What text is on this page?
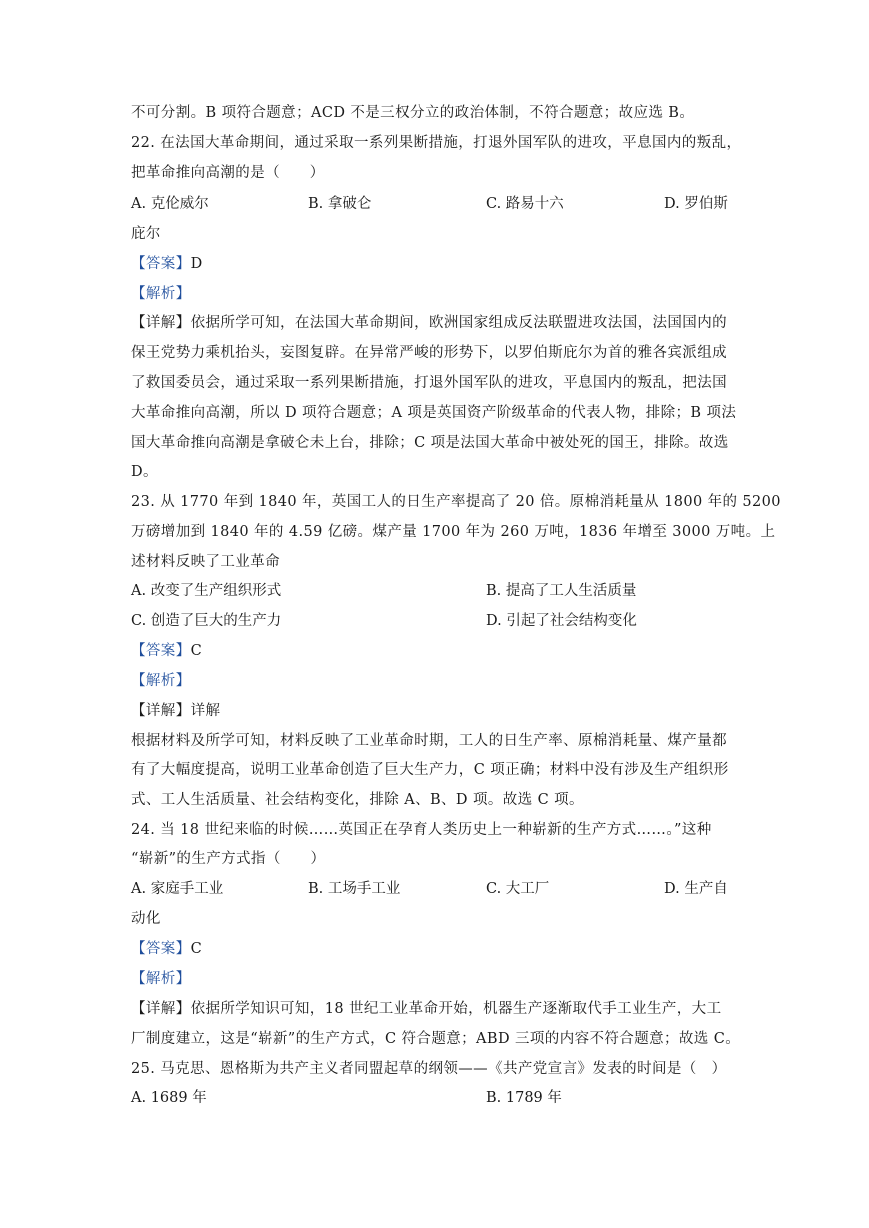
不可分割。B 项符合题意；ACD 不是三权分立的政治体制，不符合题意；故应选 B。
22. 在法国大革命期间，通过采取一系列果断措施，打退外国军队的进攻，平息国内的叛乱，
把革命推向高潮的是（　　）
A. 克伦威尔	B. 拿破仑	C. 路易十六	D. 罗伯斯
庇尔
【答案】D
【解析】
【详解】依据所学可知，在法国大革命期间，欧洲国家组成反法联盟进攻法国，法国国内的
保王党势力乘机抬头，妄图复辟。在异常严峻的形势下，以罗伯斯庇尔为首的雅各宾派组成
了救国委员会，通过采取一系列果断措施，打退外国军队的进攻，平息国内的叛乱，把法国
大革命推向高潮，所以 D 项符合题意；A 项是英国资产阶级革命的代表人物，排除；B 项法
国大革命推向高潮是拿破仑未上台，排除；C 项是法国大革命中被处死的国王，排除。故选
D。
23. 从 1770 年到 1840 年，英国工人的日生产率提高了 20 倍。原棉消耗量从 1800 年的 5200
万磅增加到 1840 年的 4.59 亿磅。煤产量 1700 年为 260 万吨，1836 年增至 3000 万吨。上
述材料反映了工业革命
A. 改变了生产组织形式	B. 提高了工人生活质量
C. 创造了巨大的生产力	D. 引起了社会结构变化
【答案】C
【解析】
【详解】详解
根据材料及所学可知，材料反映了工业革命时期，工人的日生产率、原棉消耗量、煤产量都
有了大幅度提高，说明工业革命创造了巨大生产力，C 项正确；材料中没有涉及生产组织形
式、工人生活质量、社会结构变化，排除 A、B、D 项。故选 C 项。
24. 当 18 世纪来临的时候……英国正在孕育人类历史上一种崭新的生产方式……。”这种
“崭新”的生产方式指（　　）
A. 家庭手工业	B. 工场手工业	C. 大工厂	D. 生产自
动化
【答案】C
【解析】
【详解】依据所学知识可知，18 世纪工业革命开始，机器生产逐渐取代手工业生产，大工
厂制度建立，这是“崭新”的生产方式，C 符合题意；ABD 三项的内容不符合题意；故选 C。
25. 马克思、恩格斯为共产主义者同盟起草的纲领——《共产党宣言》发表的时间是（　）
A. 1689 年	B. 1789 年
